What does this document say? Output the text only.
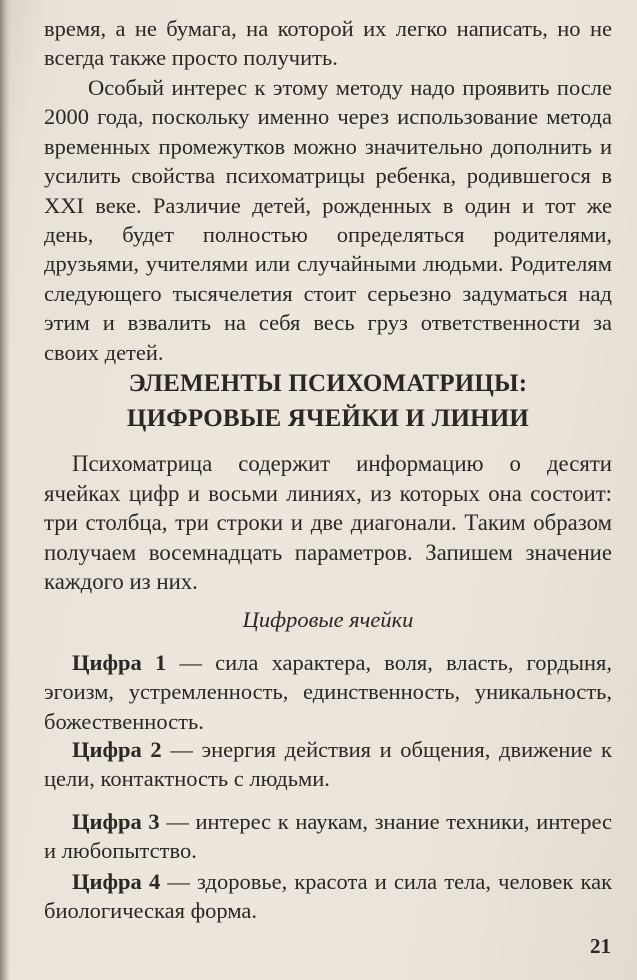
время, а не бумага, на которой их легко написать, но не всегда также просто получить.

Особый интерес к этому методу надо проявить после 2000 года, поскольку именно через использование метода временных промежутков можно значительно дополнить и усилить свойства психоматрицы ребенка, родившегося в XXI веке. Различие детей, рожденных в один и тот же день, будет полностью определяться родителями, друзьями, учителями или случайными людьми. Родителям следующего тысячелетия стоит серьезно задуматься над этим и взвалить на себя весь груз ответственности за своих детей.

ЭЛЕМЕНТЫ ПСИХОМАТРИЦЫ:
ЦИФРОВЫЕ ЯЧЕЙКИ И ЛИНИИ

Психоматрица содержит информацию о десяти ячейках цифр и восьми линиях, из которых она состоит: три столбца, три строки и две диагонали. Таким образом получаем восемнадцать параметров. Запишем значение каждого из них.

Цифровые ячейки

Цифра 1 — сила характера, воля, власть, гордыня, эгоизм, устремленность, единственность, уникальность, божественность.

Цифра 2 — энергия действия и общения, движение к цели, контактность с людьми.

Цифра 3 — интерес к наукам, знание техники, интерес и любопытство.

Цифра 4 — здоровье, красота и сила тела, человек как биологическая форма.

21
